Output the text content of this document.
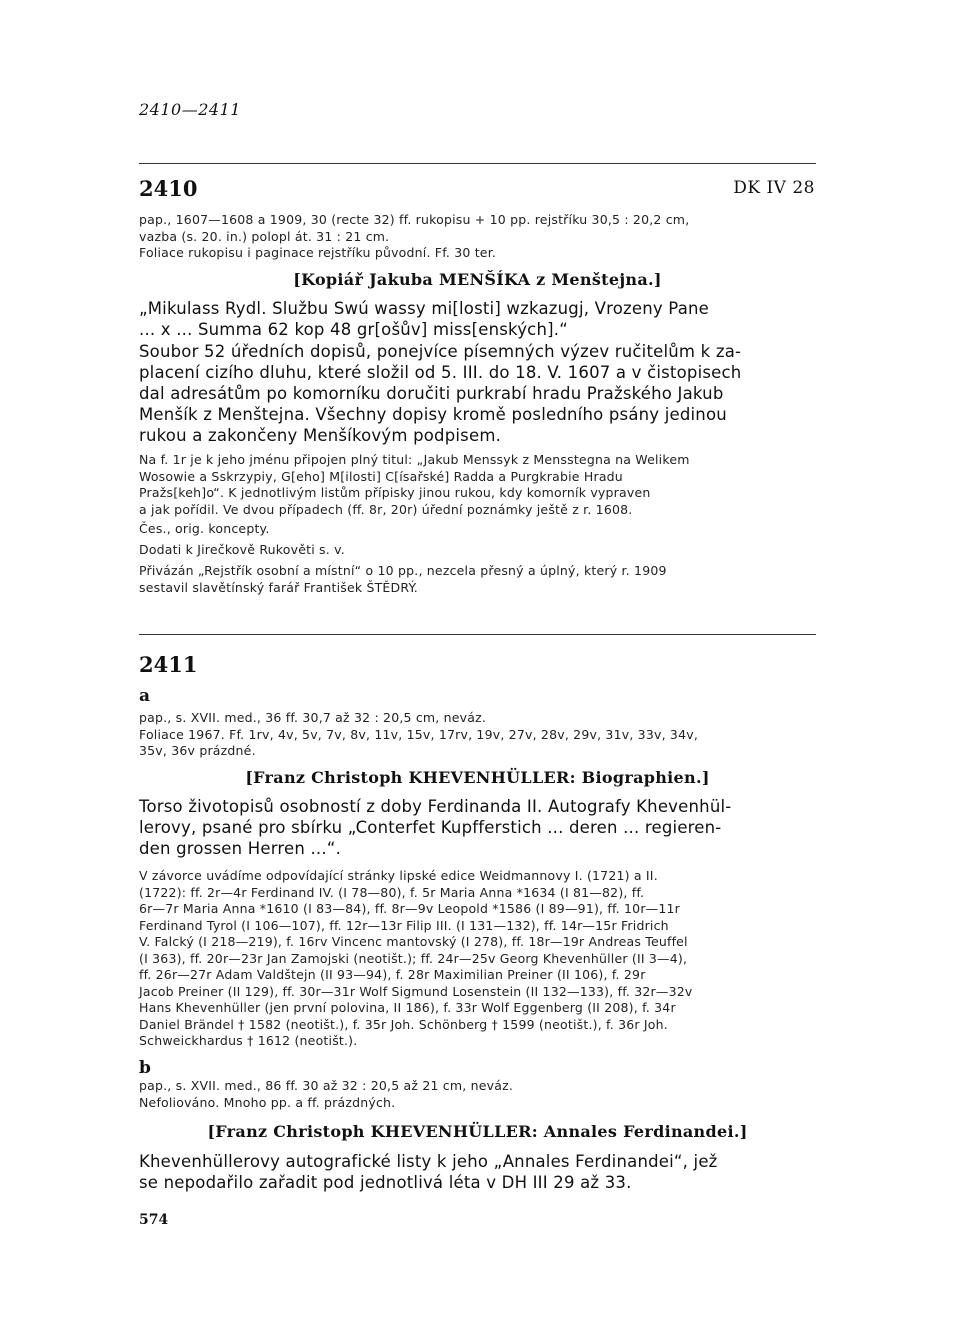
2410—2411
2410	DK IV 28

pap., 1607—1608 a 1909, 30 (recte 32) ff. rukopisu + 10 pp. rejstříku 30,5 : 20,2 cm,

vazba (s. 20. in.) polopl át. 31 : 21 cm.

Foliace rukopisu i paginace rejstříku původní. Ff. 30 ter.

[Kopiář Jakuba MENŠÍKA z Menštejna.]

„Mikulass Rydl. Službu Swú wassy mi[losti] wzkazugj, Vrozeny Pane

... x ... Summa 62 kop 48 gr[ošův] miss[enských].“

Soubor 52 úředních dopisů, ponejvíce písemných výzev ručitelům k za-

placení cizího dluhu, které složil od 5. III. do 18. V. 1607 a v čistopisech

dal adresátům po komorníku doručiti purkrabí hradu Pražského Jakub

Menšík z Menštejna. Všechny dopisy kromě posledního psány jedinou

rukou a zakončeny Menšíkovým podpisem.

Na f. 1r je k jeho jménu připojen plný titul: „Jakub Menssyk z Mensstegna na Welikem

Wosowie a Sskrzypiy, G[eho] M[ilosti] C[ísařské] Radda a Purgkrabie Hradu

Pražs[keh]o“. K jednotlivým listům přípisky jinou rukou, kdy komorník vypraven

a jak pořídil. Ve dvou případech (ff. 8r, 20r) úřední poznámky ještě z r. 1608.

Čes., orig. koncepty.
Dodati k Jirečkově Rukověti s. v.

Přivázán „Rejstřík osobní a místní“ o 10 pp., nezcela přesný a úplný, který r. 1909

sestavil slavětínský farář František ŠTĚDRÝ.

2411
a

pap., s. XVII. med., 36 ff. 30,7 až 32 : 20,5 cm, neváz.

Foliace 1967. Ff. 1rv, 4v, 5v, 7v, 8v, 11v, 15v, 17rv, 19v, 27v, 28v, 29v, 31v, 33v, 34v,

35v, 36v prázdné.

[Franz Christoph KHEVENHÜLLER: Biographien.]

Torso životopisů osobností z doby Ferdinanda II. Autografy Khevenhül-

lerovy, psané pro sbírku „Conterfet Kupfferstich ... deren ... regieren-

den grossen Herren ...“.

V závorce uvádíme odpovídající stránky lipské edice Weidmannovy I. (1721) a II.

(1722): ff. 2r—4r Ferdinand IV. (I 78—80), f. 5r Maria Anna *1634 (I 81—82), ff.

6r—7r Maria Anna *1610 (I 83—84), ff. 8r—9v Leopold *1586 (I 89—91), ff. 10r—11r

Ferdinand Tyrol (I 106—107), ff. 12r—13r Filip III. (I 131—132), ff. 14r—15r Fridrich

V. Falcký (I 218—219), f. 16rv Vincenc mantovský (I 278), ff. 18r—19r Andreas Teuffel

(I 363), ff. 20r—23r Jan Zamojski (neotišt.); ff. 24r—25v Georg Khevenhüller (II 3—4),

ff. 26r—27r Adam Valdštejn (II 93—94), f. 28r Maximilian Preiner (II 106), f. 29r

Jacob Preiner (II 129), ff. 30r—31r Wolf Sigmund Losenstein (II 132—133), ff. 32r—32v

Hans Khevenhüller (jen první polovina, II 186), f. 33r Wolf Eggenberg (II 208), f. 34r

Daniel Brändel † 1582 (neotišt.), f. 35r Joh. Schönberg † 1599 (neotišt.), f. 36r Joh.

Schweickhardus † 1612 (neotišt.).

b

pap., s. XVII. med., 86 ff. 30 až 32 : 20,5 až 21 cm, neváz.

Nefoliováno. Mnoho pp. a ff. prázdných.

[Franz Christoph KHEVENHÜLLER: Annales Ferdinandei.]

Khevenhüllerovy autografické listy k jeho „Annales Ferdinandei“, jež

se nepodařilo zařadit pod jednotlivá léta v DH III 29 až 33.

574
